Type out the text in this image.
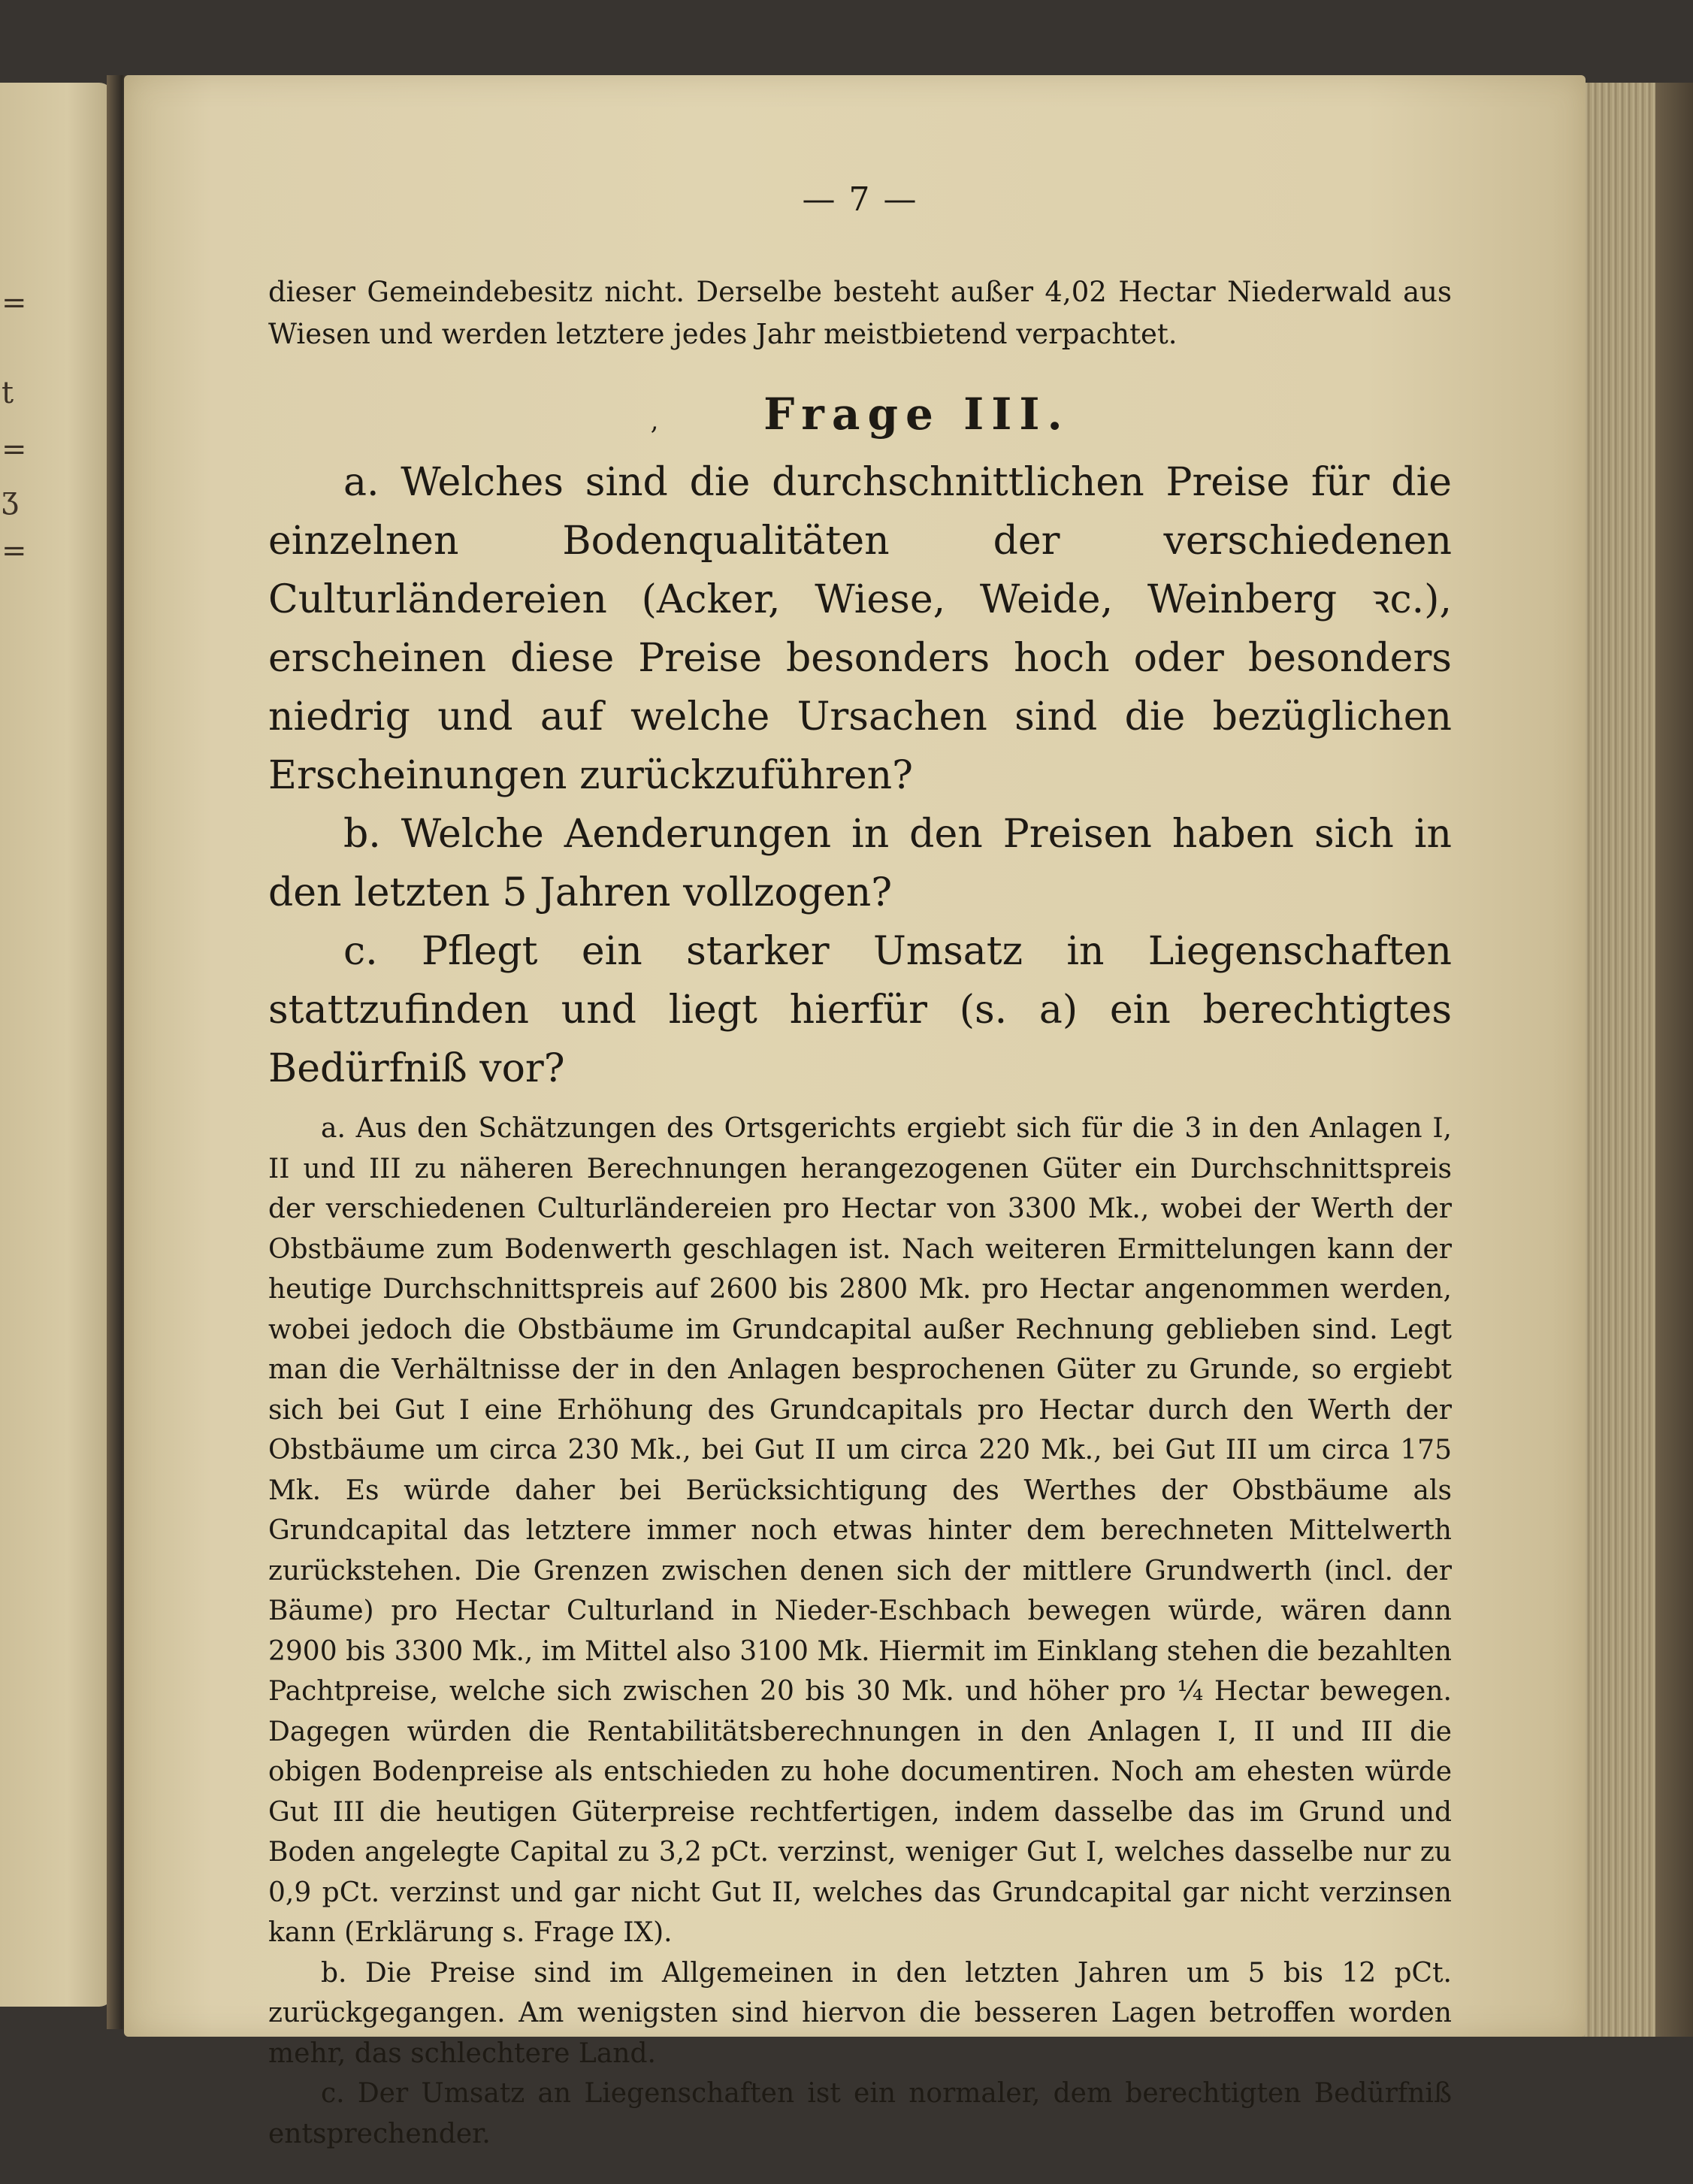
=
t
=
ʒ
=
— 7 —

dieser Gemeindebesitz nicht. Derselbe besteht außer 4,02 Hectar Niederwald aus Wiesen und werden letztere jedes Jahr meistbietend verpachtet.

‚ Frage III.

a. Welches sind die durchschnittlichen Preise für die einzelnen Bodenqualitäten der verschiedenen Culturländereien (Acker, Wiese, Weide, Weinberg ꝛc.), erscheinen diese Preise besonders hoch oder besonders niedrig und auf welche Ursachen sind die bezüglichen Erscheinungen zurückzuführen?

b. Welche Aenderungen in den Preisen haben sich in den letzten 5 Jahren vollzogen?

c. Pflegt ein starker Umsatz in Liegenschaften stattzufinden und liegt hierfür (s. a) ein berechtigtes Bedürfniß vor?

a. Aus den Schätzungen des Ortsgerichts ergiebt sich für die 3 in den Anlagen I, II und III zu näheren Berechnungen herangezogenen Güter ein Durchschnittspreis der verschiedenen Culturländereien pro Hectar von 3300 Mk., wobei der Werth der Obstbäume zum Bodenwerth geschlagen ist. Nach weiteren Ermittelungen kann der heutige Durchschnittspreis auf 2600 bis 2800 Mk. pro Hectar angenommen werden, wobei jedoch die Obstbäume im Grundcapital außer Rechnung geblieben sind. Legt man die Verhältnisse der in den Anlagen besprochenen Güter zu Grunde, so ergiebt sich bei Gut I eine Erhöhung des Grundcapitals pro Hectar durch den Werth der Obstbäume um circa 230 Mk., bei Gut II um circa 220 Mk., bei Gut III um circa 175 Mk. Es würde daher bei Berücksichtigung des Werthes der Obstbäume als Grundcapital das letztere immer noch etwas hinter dem berechneten Mittelwerth zurückstehen. Die Grenzen zwischen denen sich der mittlere Grundwerth (incl. der Bäume) pro Hectar Culturland in Nieder-Eschbach bewegen würde, wären dann 2900 bis 3300 Mk., im Mittel also 3100 Mk. Hiermit im Einklang stehen die bezahlten Pachtpreise, welche sich zwischen 20 bis 30 Mk. und höher pro ¼ Hectar bewegen. Dagegen würden die Rentabilitätsberechnungen in den Anlagen I, II und III die obigen Bodenpreise als entschieden zu hohe documentiren. Noch am ehesten würde Gut III die heutigen Güterpreise rechtfertigen, indem dasselbe das im Grund und Boden angelegte Capital zu 3,2 pCt. verzinst, weniger Gut I, welches dasselbe nur zu 0,9 pCt. verzinst und gar nicht Gut II, welches das Grundcapital gar nicht verzinsen kann (Erklärung s. Frage IX).

b. Die Preise sind im Allgemeinen in den letzten Jahren um 5 bis 12 pCt. zurückgegangen. Am wenigsten sind hiervon die besseren Lagen betroffen worden mehr, das schlechtere Land.

c. Der Umsatz an Liegenschaften ist ein normaler, dem berechtigten Bedürfniß entsprechender.
